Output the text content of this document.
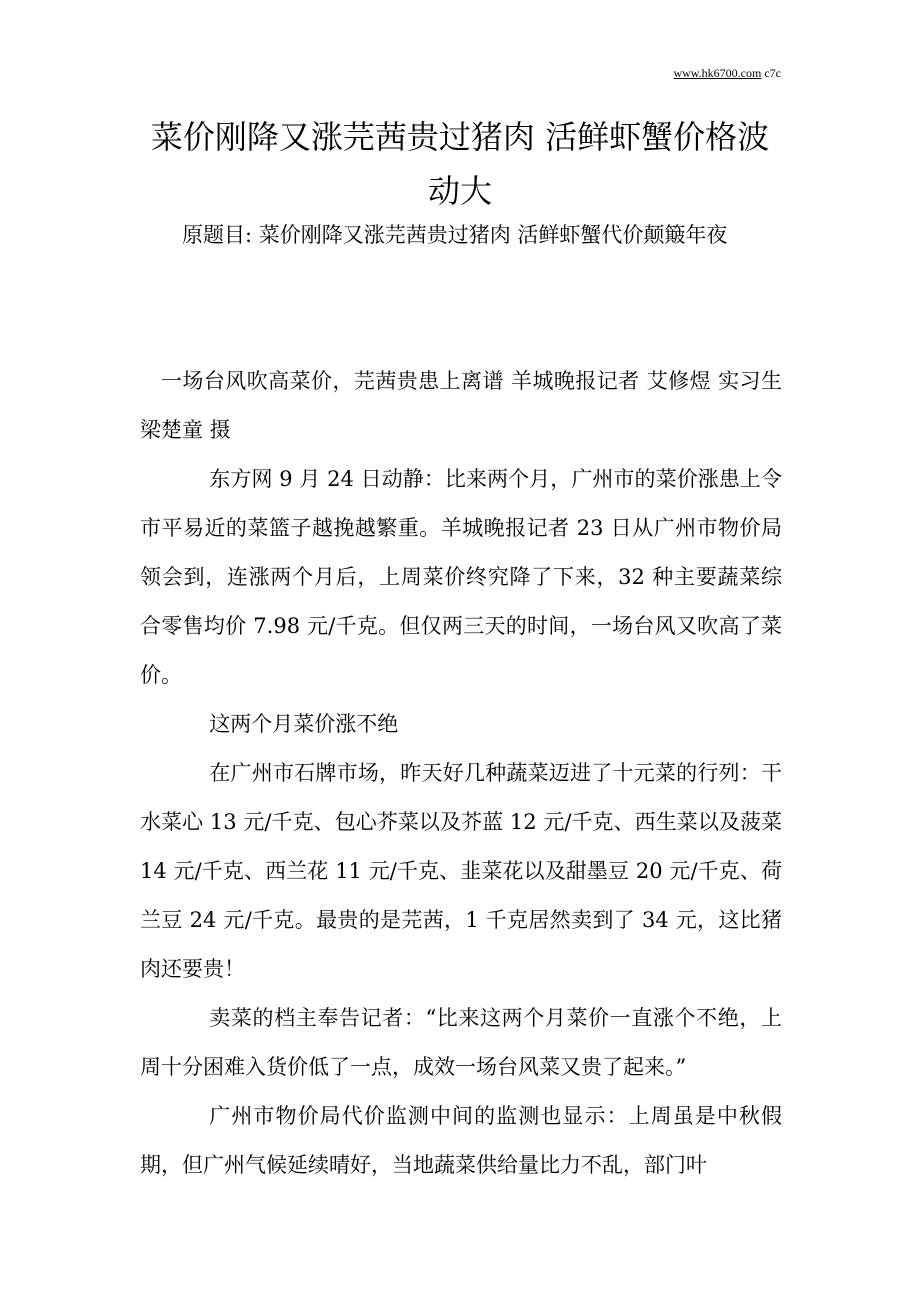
www.hk6700.com c7c
菜价刚降又涨芫茜贵过猪肉 活鲜虾蟹价格波动大

原题目: 菜价刚降又涨芫茜贵过猪肉 活鲜虾蟹代价颠簸年夜

一场台风吹高菜价，芫茜贵患上离谱 羊城晚报记者 艾修煜 实习生 梁楚童 摄

东方网 9 月 24 日动静：比来两个月，广州市的菜价涨患上令市平易近的菜篮子越挽越繁重。羊城晚报记者 23 日从广州市物价局领会到，连涨两个月后，上周菜价终究降了下来，32 种主要蔬菜综合零售均价 7.98 元/千克。但仅两三天的时间，一场台风又吹高了菜价。

这两个月菜价涨不绝

在广州市石牌市场，昨天好几种蔬菜迈进了十元菜的行列：干水菜心 13 元/千克、包心芥菜以及芥蓝 12 元/千克、西生菜以及菠菜 14 元/千克、西兰花 11 元/千克、韭菜花以及甜墨豆 20 元/千克、荷兰豆 24 元/千克。最贵的是芫茜，1 千克居然卖到了 34 元，这比猪肉还要贵！

卖菜的档主奉告记者：“比来这两个月菜价一直涨个不绝，上周十分困难入货价低了一点，成效一场台风菜又贵了起来。”

广州市物价局代价监测中间的监测也显示：上周虽是中秋假期，但广州气候延续晴好，当地蔬菜供给量比力不乱，部门叶
